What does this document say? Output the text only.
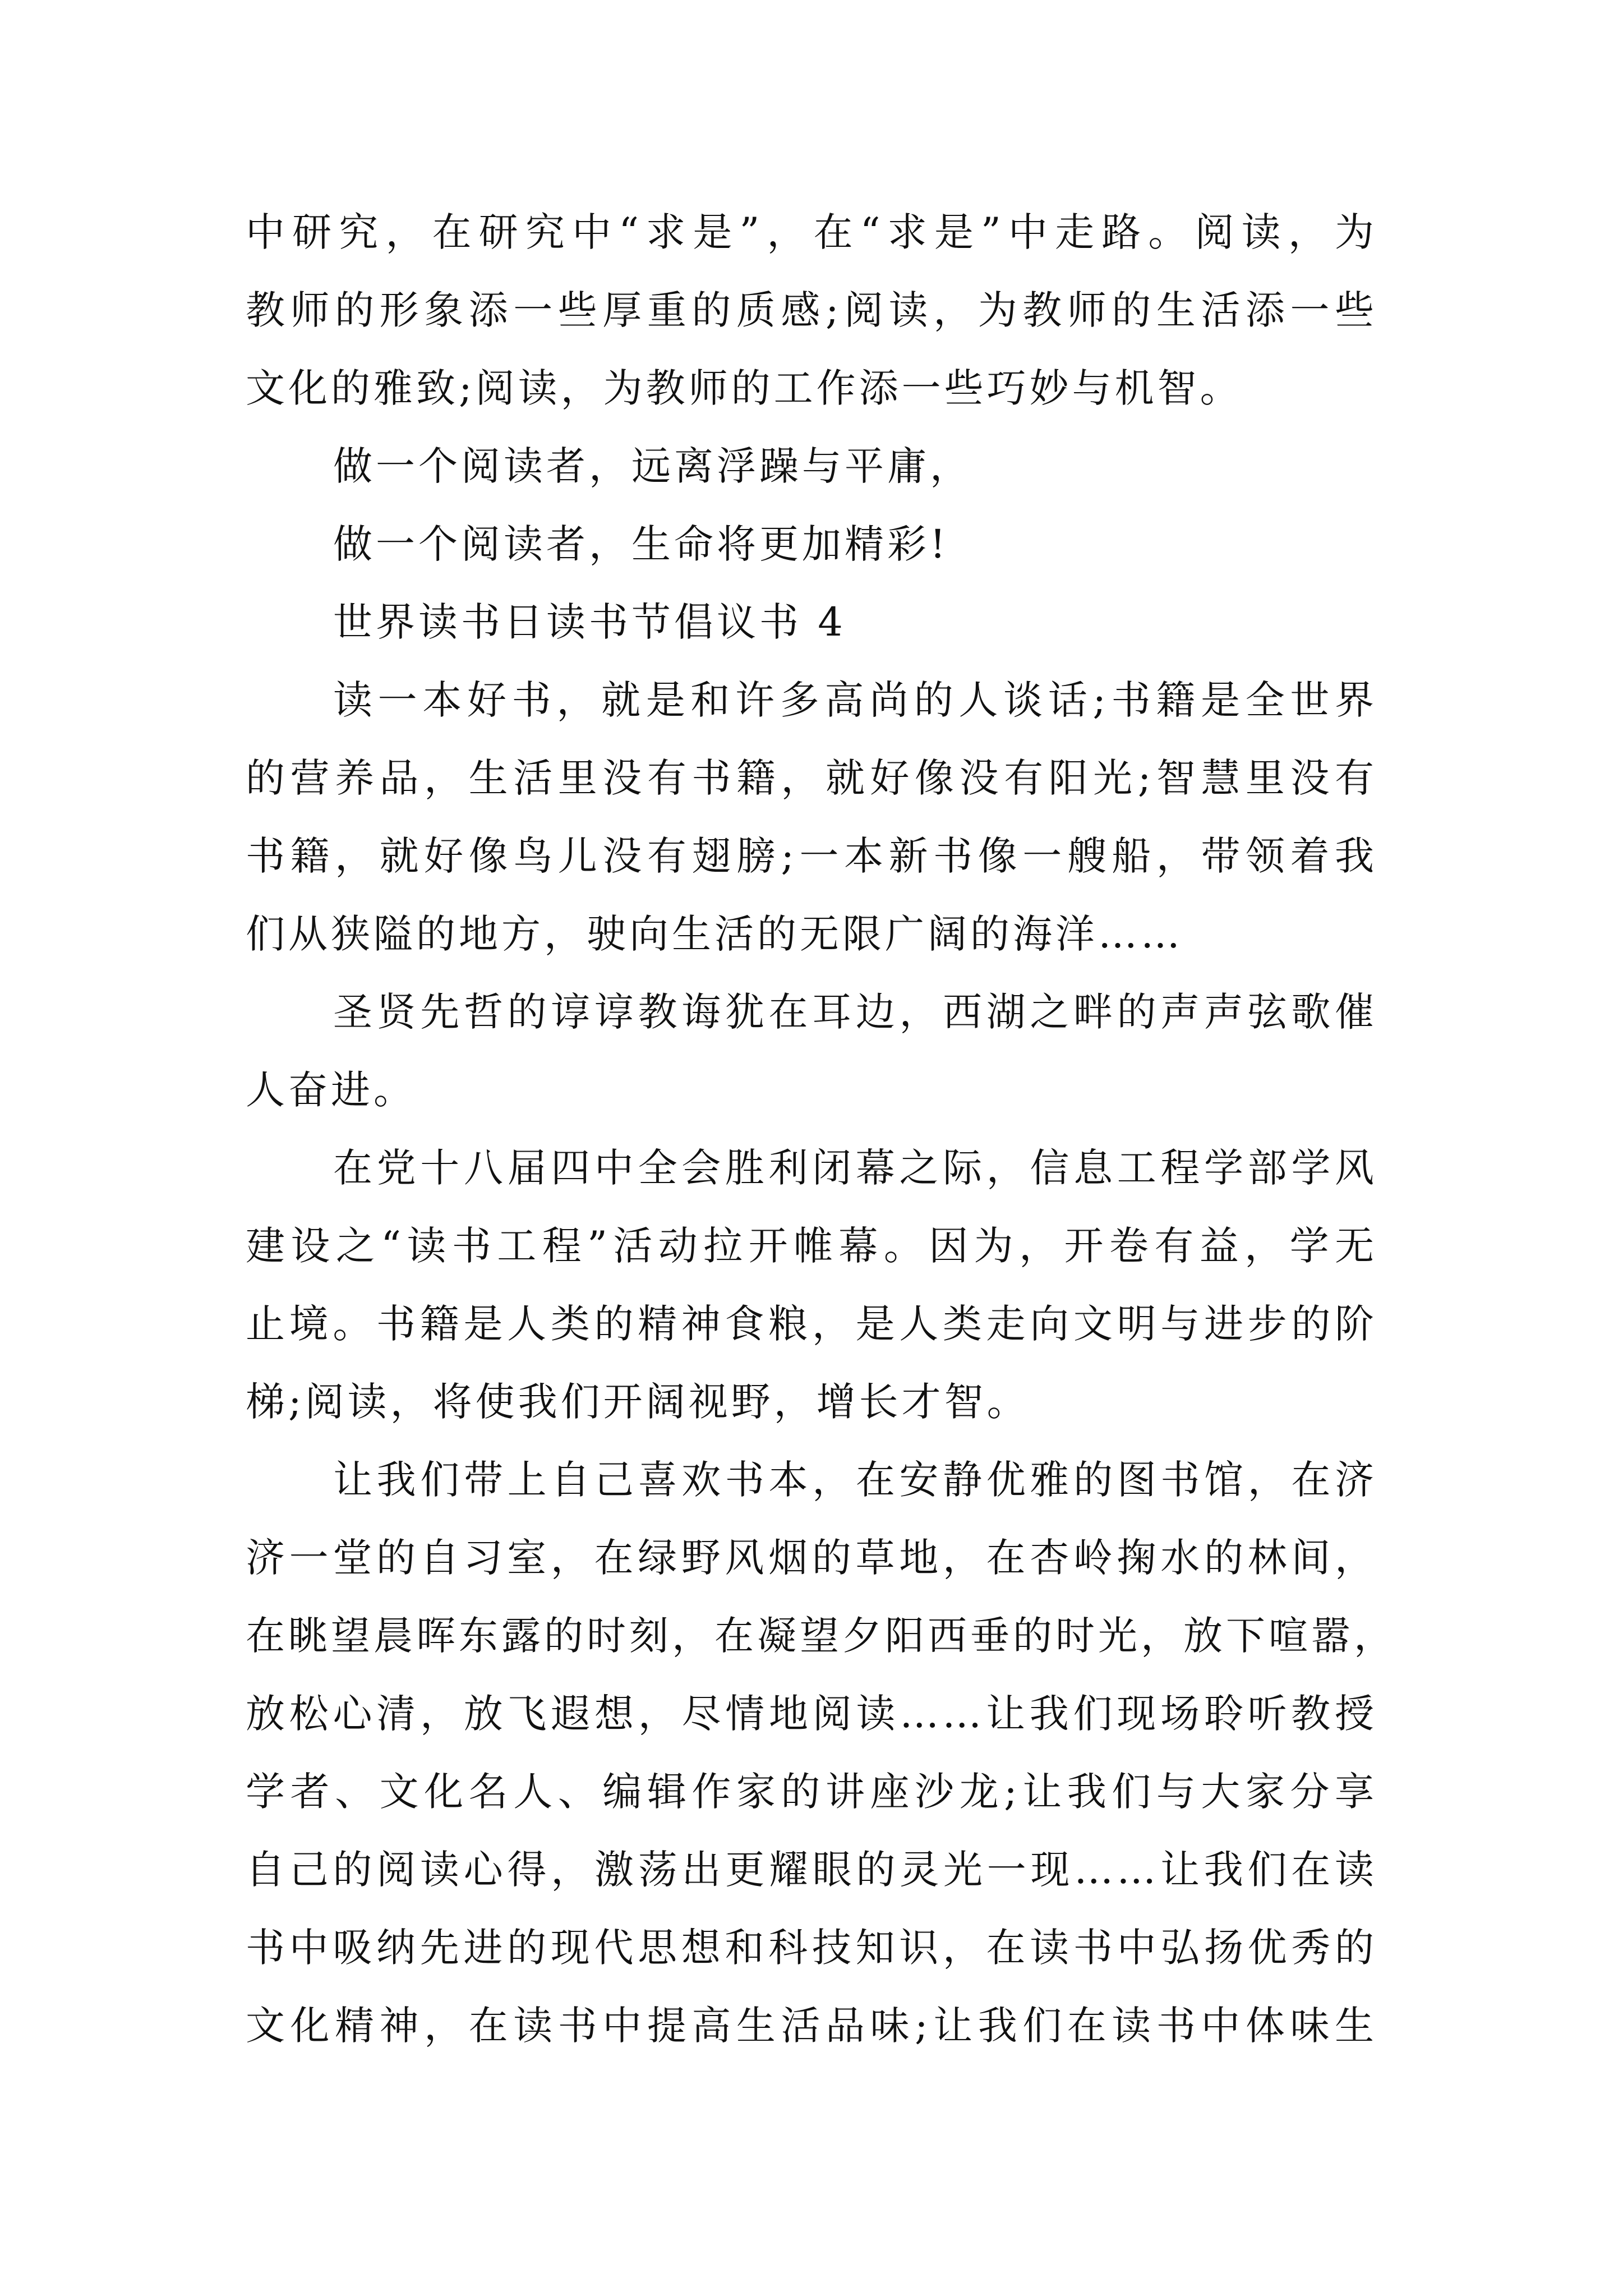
中研究，在研究中“求是”，在“求是”中走路。阅读，为
教师的形象添一些厚重的质感;阅读，为教师的生活添一些
文化的雅致;阅读，为教师的工作添一些巧妙与机智。
做一个阅读者，远离浮躁与平庸，
做一个阅读者，生命将更加精彩!
世界读书日读书节倡议书 4
读一本好书，就是和许多高尚的人谈话;书籍是全世界
的营养品，生活里没有书籍，就好像没有阳光;智慧里没有
书籍，就好像鸟儿没有翅膀;一本新书像一艘船，带领着我
们从狭隘的地方，驶向生活的无限广阔的海洋……
圣贤先哲的谆谆教诲犹在耳边，西湖之畔的声声弦歌催
人奋进。
在党十八届四中全会胜利闭幕之际，信息工程学部学风
建设之“读书工程”活动拉开帷幕。因为，开卷有益，学无
止境。书籍是人类的精神食粮，是人类走向文明与进步的阶
梯;阅读，将使我们开阔视野，增长才智。
让我们带上自己喜欢书本，在安静优雅的图书馆，在济
济一堂的自习室，在绿野风烟的草地，在杏岭掬水的林间，
在眺望晨晖东露的时刻，在凝望夕阳西垂的时光，放下喧嚣，
放松心清，放飞遐想，尽情地阅读……让我们现场聆听教授
学者、文化名人、编辑作家的讲座沙龙;让我们与大家分享
自己的阅读心得，激荡出更耀眼的灵光一现……让我们在读
书中吸纳先进的现代思想和科技知识，在读书中弘扬优秀的
文化精神，在读书中提高生活品味;让我们在读书中体味生
